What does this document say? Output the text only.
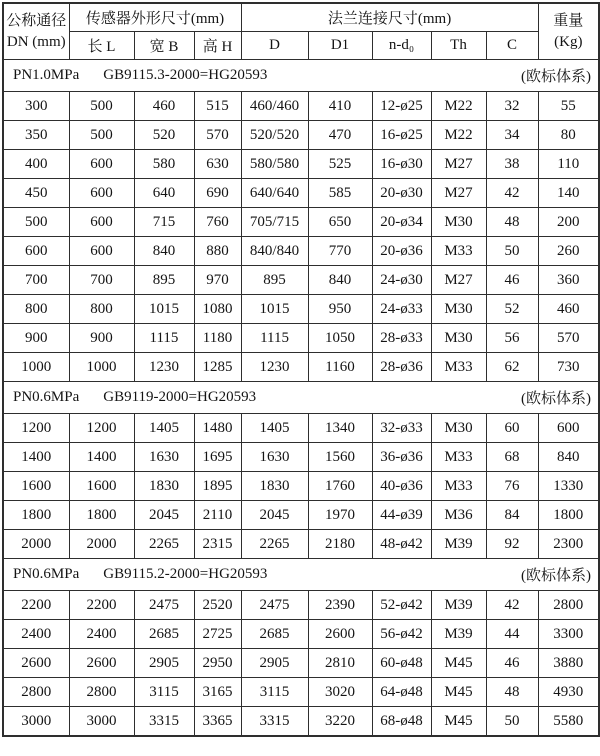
公称通径
DN (mm)	传感器外形尺寸(mm)			法兰连接尺寸(mm)					重量
(Kg)

	长 L	宽 B	高 H	D	D1	n-d₀	Th	C	

PN1.0MPa GB9115.3-2000=HG20593 (欧标体系)									

300	500	460	515	460/460	410	12-ø25	M22	32	55
350	500	520	570	520/520	470	16-ø25	M22	34	80
400	600	580	630	580/580	525	16-ø30	M27	38	110
450	600	640	690	640/640	585	20-ø30	M27	42	140
500	600	715	760	705/715	650	20-ø34	M30	48	200
600	600	840	880	840/840	770	20-ø36	M33	50	260
700	700	895	970	895	840	24-ø30	M27	46	360
800	800	1015	1080	1015	950	24-ø33	M30	52	460
900	900	1115	1180	1115	1050	28-ø33	M30	56	570
1000	1000	1230	1285	1230	1160	28-ø36	M33	62	730

PN0.6MPa GB9119-2000=HG20593 (欧标体系)									

1200	1200	1405	1480	1405	1340	32-ø33	M30	60	600
1400	1400	1630	1695	1630	1560	36-ø36	M33	68	840
1600	1600	1830	1895	1830	1760	40-ø36	M33	76	1330
1800	1800	2045	2110	2045	1970	44-ø39	M36	84	1800
2000	2000	2265	2315	2265	2180	48-ø42	M39	92	2300

PN0.6MPa GB9115.2-2000=HG20593 (欧标体系)									

2200	2200	2475	2520	2475	2390	52-ø42	M39	42	2800
2400	2400	2685	2725	2685	2600	56-ø42	M39	44	3300
2600	2600	2905	2950	2905	2810	60-ø48	M45	46	3880
2800	2800	3115	3165	3115	3020	64-ø48	M45	48	4930
3000	3000	3315	3365	3315	3220	68-ø48	M45	50	5580
